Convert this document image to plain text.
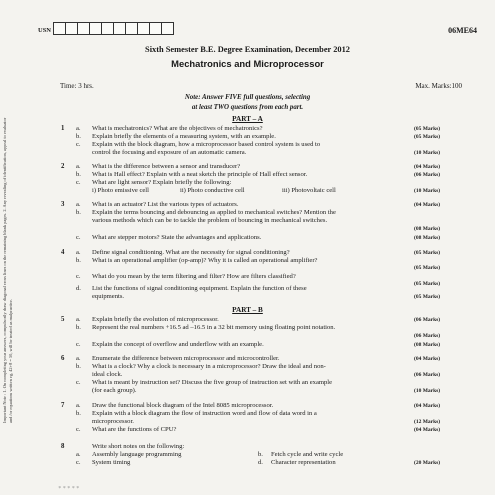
USN	06ME64
Sixth Semester B.E. Degree Examination, December 2012
Mechatronics and Microprocessor
Time: 3 hrs.	Max. Marks:100
Note: Answer FIVE full questions, selecting
at least TWO questions from each part.
Important Note : 1. On completing your answers, compulsorily draw diagonal cross lines on the remaining blank pages. 2. Any revealing of identification, appeal to evaluator and /or equations written eg, 42+8 = 50, will be treated as malpractice.
PART – A
1 a. What is mechatronics? What are the objectives of mechatronics?	(05 Marks)
b. Explain briefly the elements of a measuring system, with an example.	(05 Marks)
c. Explain with the block diagram, how a microprocessor based control system is used to
control the focusing and exposure of an automatic camera.	(10 Marks)
2 a. What is the difference between a sensor and transducer?	(04 Marks)
b. What is Hall effect? Explain with a neat sketch the principle of Hall effect sensor.	(06 Marks)
c. What are light sensor? Explain briefly the following:
i) Photo emissive cell	ii) Photo conductive cell	iii) Photovoltaic cell	(10 Marks)
3 a. What is an actuator? List the various types of actuators.	(04 Marks)
b. Explain the terms bouncing and debouncing as applied to mechanical switches? Mention the
various methods which can be to tackle the problem of bouncing in mechanical switches.
(08 Marks)
c. What are stepper motors? State the advantages and applications.	(08 Marks)
4 a. Define signal conditioning. What are the necessity for signal conditioning?	(05 Marks)
b. What is an operational amplifier (op-amp)? Why it is called an operational amplifier?
(05 Marks)
c. What do you mean by the term filtering and filter? How are filters classified?
(05 Marks)
d. List the functions of signal conditioning equipment. Explain the function of these
equipments.	(05 Marks)
PART – B
5 a. Explain briefly the evolution of microprocessor.	(06 Marks)
b. Represent the real numbers +16.5 ad –16.5 in a 32 bit memory using floating point notation.
(06 Marks)
c. Explain the concept of overflow and underflow with an example.	(08 Marks)
6 a. Enumerate the difference between microprocessor and microcontroller.	(04 Marks)
b. What is a clock? Why a clock is necessary in a microprocessor? Draw the ideal and non-
ideal clock.	(06 Marks)
c. What is meant by instruction set? Discuss the five group of instruction set with an example
(for each group).	(10 Marks)
7 a. Draw the functional block diagram of the Intel 8085 microprocessor.	(04 Marks)
b. Explain with a block diagram the flow of instruction word and flow of data word in a
microprocessor.	(12 Marks)
c. What are the functions of CPU?	(04 Marks)
8	Write short notes on the following:
a. Assembly language programming	b. Fetch cycle and write cycle
c. System timing	d. Character representation	(20 Marks)
* * * * *
